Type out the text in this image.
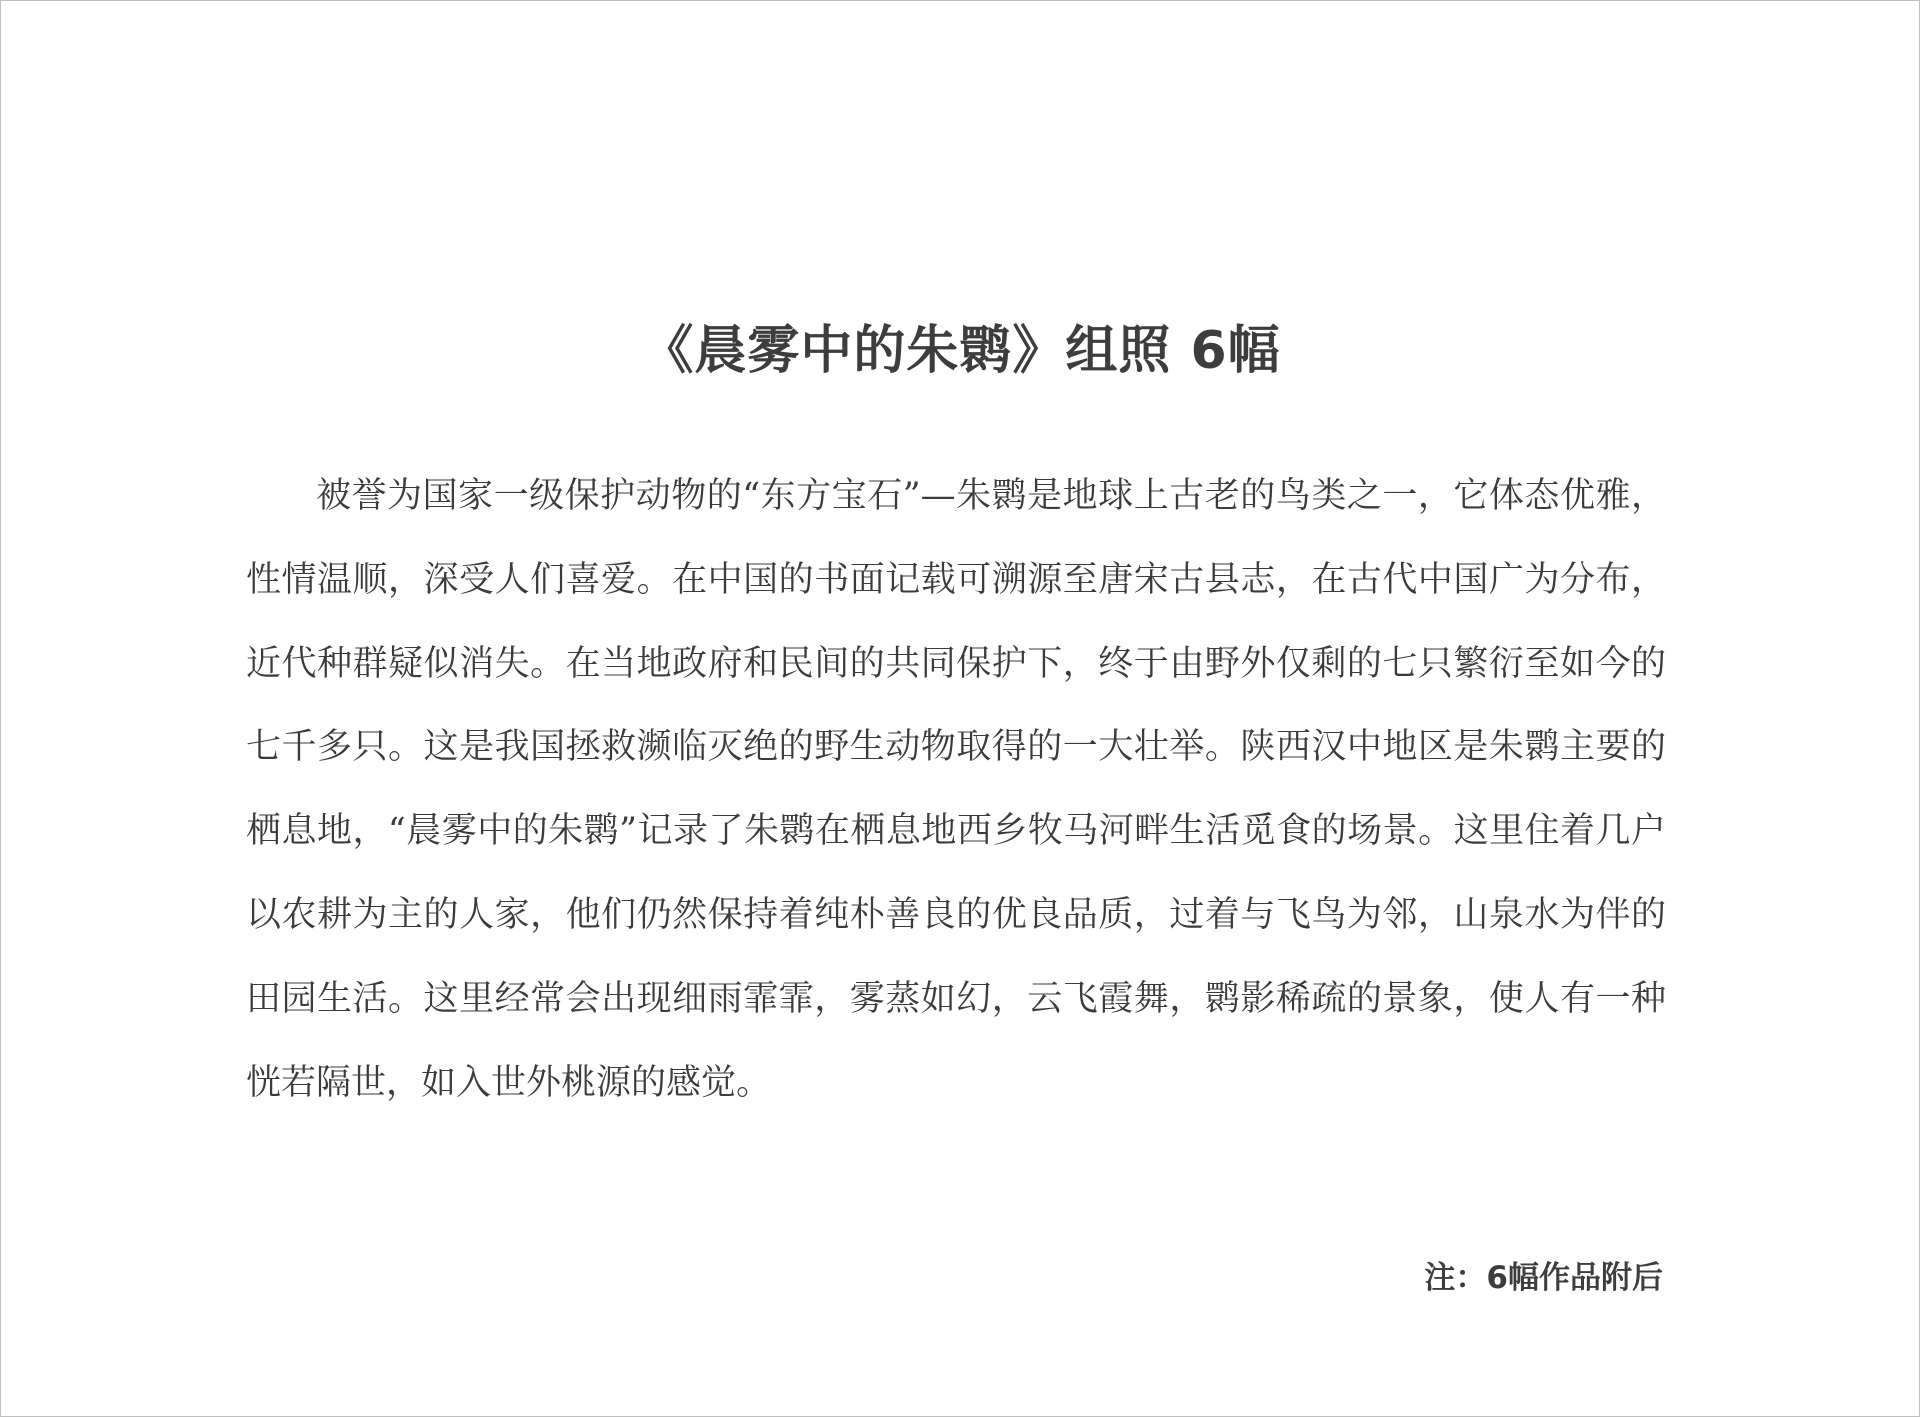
《晨雾中的朱鹮》组照 6幅

被誉为国家一级保护动物的“东方宝石”—朱鹮是地球上古老的鸟类之一，它体态优雅，性情温顺，深受人们喜爱。在中国的书面记载可溯源至唐宋古县志，在古代中国广为分布，近代种群疑似消失。在当地政府和民间的共同保护下，终于由野外仅剩的七只繁衍至如今的七千多只。这是我国拯救濒临灭绝的野生动物取得的一大壮举。陕西汉中地区是朱鹮主要的栖息地，“晨雾中的朱鹮”记录了朱鹮在栖息地西乡牧马河畔生活觅食的场景。这里住着几户以农耕为主的人家，他们仍然保持着纯朴善良的优良品质，过着与飞鸟为邻，山泉水为伴的田园生活。这里经常会出现细雨霏霏，雾蒸如幻，云飞霞舞，鹮影稀疏的景象，使人有一种恍若隔世，如入世外桃源的感觉。

注：6幅作品附后
